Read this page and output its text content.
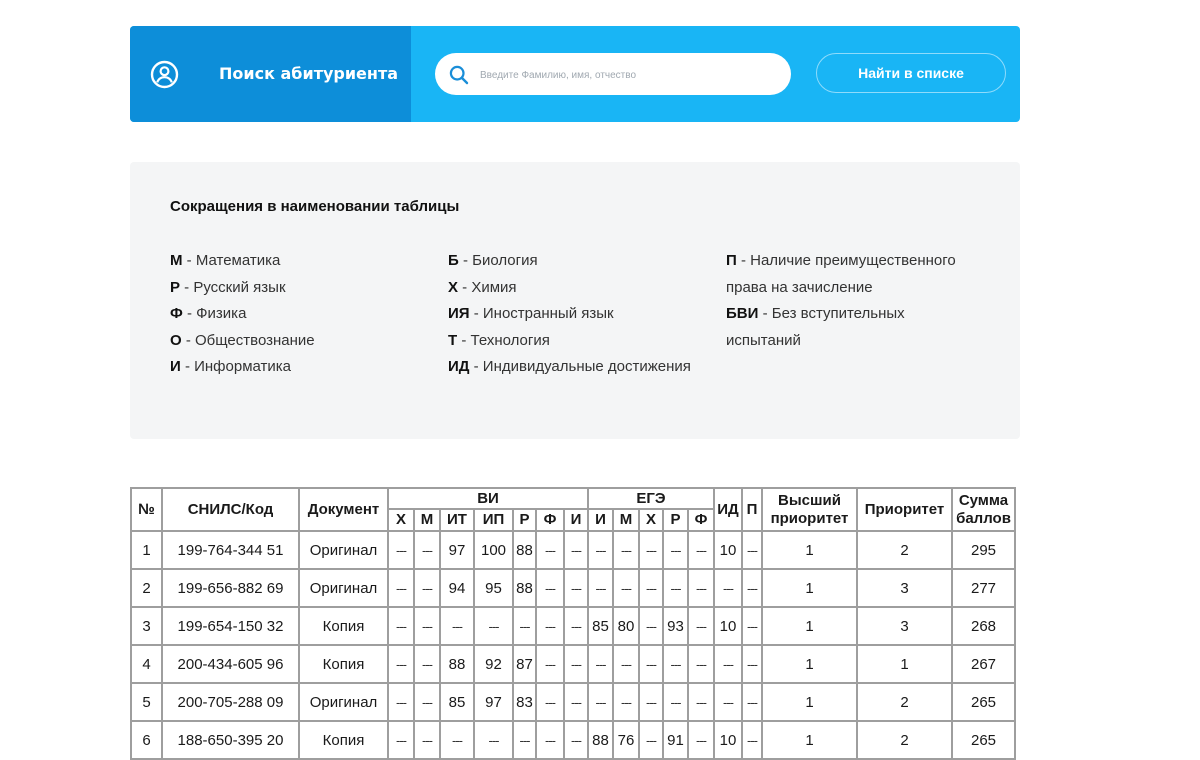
Поиск абитуриента
Введите Фамилию, имя, отчество	Найти в списке
Сокращения в наименовании таблицы
М - Математика
Р - Русский язык
Ф - Физика
О - Обществознание
И - Информатика
Б - Биология
Х - Химия
ИЯ - Иностранный язык
Т - Технология
ИД - Индивидуальные достижения
П - Наличие преимущественного права на зачисление
БВИ - Без вступительных испытаний
№	СНИЛС/Код	Документ	ВИ							ЕГЭ					ИД	П	Высший приоритет	Приоритет	Сумма баллов
			Х	М	ИТ	ИП	Р	Ф	И	И	М	Х	Р	Ф					
1	199-764-344 51	Оригинал	---	---	97	100	88	---	---	---	---	---	---	---	10	---	1	2	295
2	199-656-882 69	Оригинал	---	---	94	95	88	---	---	---	---	---	---	---	---	---	1	3	277
3	199-654-150 32	Копия	---	---	---	---	---	---	---	85	80	---	93	---	10	---	1	3	268
4	200-434-605 96	Копия	---	---	88	92	87	---	---	---	---	---	---	---	---	---	1	1	267
5	200-705-288 09	Оригинал	---	---	85	97	83	---	---	---	---	---	---	---	---	---	1	2	265
6	188-650-395 20	Копия	---	---	---	---	---	---	---	88	76	---	91	---	10	---	1	2	265
